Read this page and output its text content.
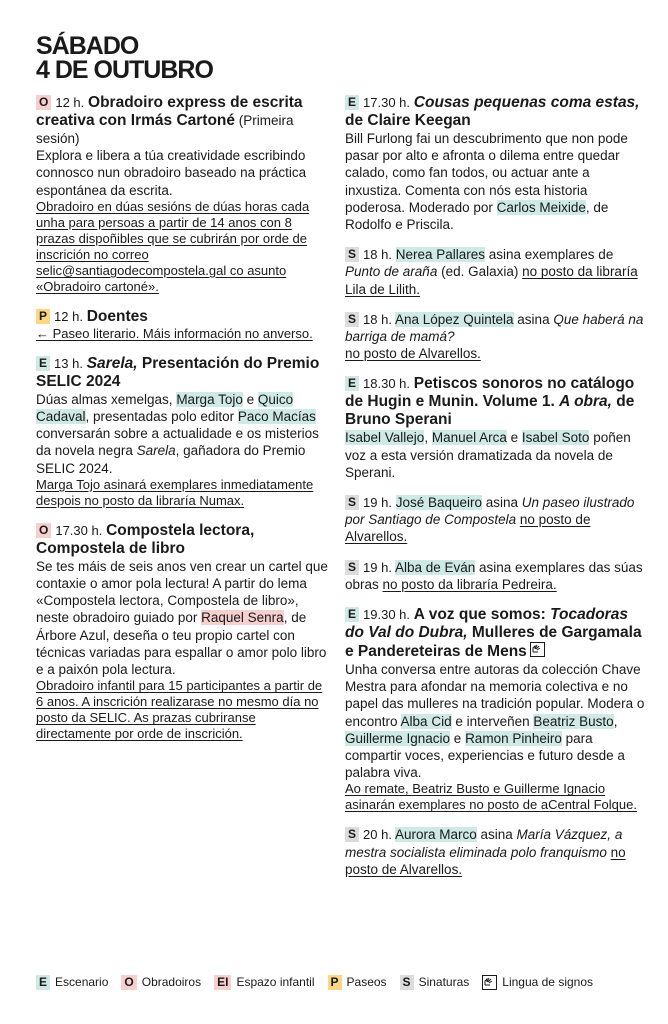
SÁBADO
4 DE OUTUBRO

O 12 h. Obradoiro express de escrita creativa con Irmás Cartoné (Primeira sesión)

Explora e libera a túa creatividade escribindo connosco nun obradoiro baseado na práctica espontánea da escrita.

Obradoiro en dúas sesións de dúas horas cada unha para persoas a partir de 14 anos con 8 prazas dispoñibles que se cubrirán por orde de inscrición no correo selic@santiagodecompostela.gal co asunto «Obradoiro cartoné».

P 12 h. Doentes

← Paseo literario. Máis información no anverso.

E 13 h. Sarela, Presentación do Premio SELIC 2024

Dúas almas xemelgas, Marga Tojo e Quico Cadaval, presentadas polo editor Paco Macías conversarán sobre a actualidade e os misterios da novela negra Sarela, gañadora do Premio SELIC 2024.

Marga Tojo asinará exemplares inmediatamente despois no posto da libraría Numax.

O 17.30 h. Compostela lectora, Compostela de libro

Se tes máis de seis anos ven crear un cartel que contaxie o amor pola lectura! A partir do lema «Compostela lectora, Compostela de libro», neste obradoiro guiado por Raquel Senra, de Árbore Azul, deseña o teu propio cartel con técnicas variadas para espallar o amor polo libro e a paixón pola lectura.

Obradoiro infantil para 15 participantes a partir de 6 anos. A inscrición realizarase no mesmo día no posto da SELIC. As prazas cubriranse directamente por orde de inscrición.

E 17.30 h. Cousas pequenas coma estas, de Claire Keegan

Bill Furlong fai un descubrimento que non pode pasar por alto e afronta o dilema entre quedar calado, como fan todos, ou actuar ante a inxustiza. Comenta con nós esta historia poderosa. Moderado por Carlos Meixide, de Rodolfo e Priscila.

S 18 h. Nerea Pallares asina exemplares de Punto de araña (ed. Galaxia) no posto da libraría Lila de Lilith.

S 18 h. Ana López Quintela asina Que haberá na barriga de mamá?
no posto de Alvarellos.

E 18.30 h. Petiscos sonoros no catálogo de Hugin e Munin. Volume 1. A obra, de Bruno Sperani

Isabel Vallejo, Manuel Arca e Isabel Soto poñen voz a esta versión dramatizada da novela de Sperani.

S 19 h. José Baqueiro asina Un paseo ilustrado por Santiago de Compostela no posto de Alvarellos.

S 19 h. Alba de Eván asina exemplares das súas obras no posto da libraría Pedreira.

E 19.30 h. A voz que somos: Tocadoras do Val do Dubra, Mulleres de Gargamala e Pandereteiras de Mens

Unha conversa entre autoras da colección Chave Mestra para afondar na memoria colectiva e no papel das mulleres na tradición popular. Modera o encontro Alba Cid e interveñen Beatriz Busto, Guillerme Ignacio e Ramon Pinheiro para compartir voces, experiencias e futuro desde a palabra viva.

Ao remate, Beatriz Busto e Guillerme Ignacio asinarán exemplares no posto de aCentral Folque.

S 20 h. Aurora Marco asina María Vázquez, a mestra socialista eliminada polo franquismo no posto de Alvarellos.

E Escenario O Obradoiros EI Espazo infantil P Paseos S Sinaturas	Lingua de signos
